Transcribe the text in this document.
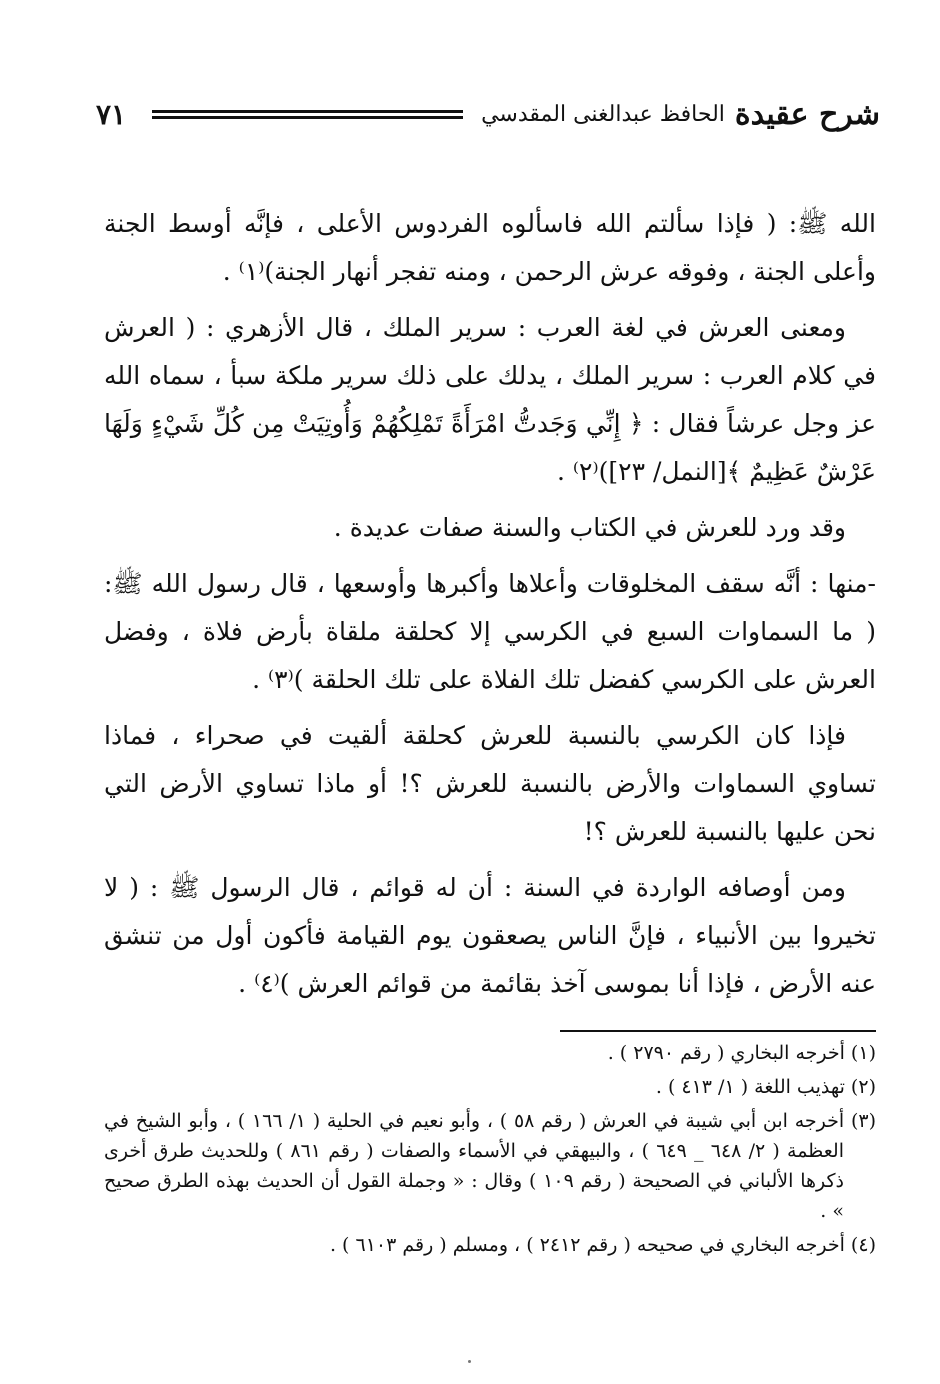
شرح عقيدة
الحافظ عبدالغنى المقدسي
٧١

الله ﷺ: ( فإذا سألتم الله فاسألوه الفردوس الأعلى ، فإنَّه أوسط الجنة وأعلى الجنة ، وفوقه عرش الرحمن ، ومنه تفجر أنهار الجنة)⁽١⁾ .

ومعنى العرش في لغة العرب : سرير الملك ، قال الأزهري : ( العرش في كلام العرب : سرير الملك ، يدلك على ذلك سرير ملكة سبأ ، سماه الله عز وجل عرشاً فقال : ﴿ إِنِّي وَجَدتُّ امْرَأَةً تَمْلِكُهُمْ وَأُوتِيَتْ مِن كُلِّ شَيْءٍ وَلَهَا عَرْشٌ عَظِيمٌ ﴾[النمل/ ٢٣])⁽٢⁾ .

وقد ورد للعرش في الكتاب والسنة صفات عديدة .

-منها : أنَّه سقف المخلوقات وأعلاها وأكبرها وأوسعها ، قال رسول الله ﷺ: ( ما السماوات السبع في الكرسي إلا كحلقة ملقاة بأرض فلاة ، وفضل العرش على الكرسي كفضل تلك الفلاة على تلك الحلقة )⁽٣⁾ .

فإذا كان الكرسي بالنسبة للعرش كحلقة ألقيت في صحراء ، فماذا تساوي السماوات والأرض بالنسبة للعرش ؟! أو ماذا تساوي الأرض التي نحن عليها بالنسبة للعرش ؟!

ومن أوصافه الواردة في السنة : أن له قوائم ، قال الرسول ﷺ : ( لا تخيروا بين الأنبياء ، فإنَّ الناس يصعقون يوم القيامة فأكون أول من تنشق عنه الأرض ، فإذا أنا بموسى آخذ بقائمة من قوائم العرش )⁽٤⁾ .

(١) أخرجه البخاري ( رقم ٢٧٩٠ ) .

(٢) تهذيب اللغة ( ١/ ٤١٣ ) .

(٣) أخرجه ابن أبي شيبة في العرش ( رقم ٥٨ ) ، وأبو نعيم في الحلية ( ١/ ١٦٦ ) ، وأبو الشيخ في العظمة ( ٢/ ٦٤٨ _ ٦٤٩ ) ، والبيهقي في الأسماء والصفات ( رقم ٨٦١ ) وللحديث طرق أخرى ذكرها الألباني في الصحيحة ( رقم ١٠٩ ) وقال : « وجملة القول أن الحديث بهذه الطرق صحيح » .

(٤) أخرجه البخاري في صحيحه ( رقم ٢٤١٢ ) ، ومسلم ( رقم ٦١٠٣ ) .
